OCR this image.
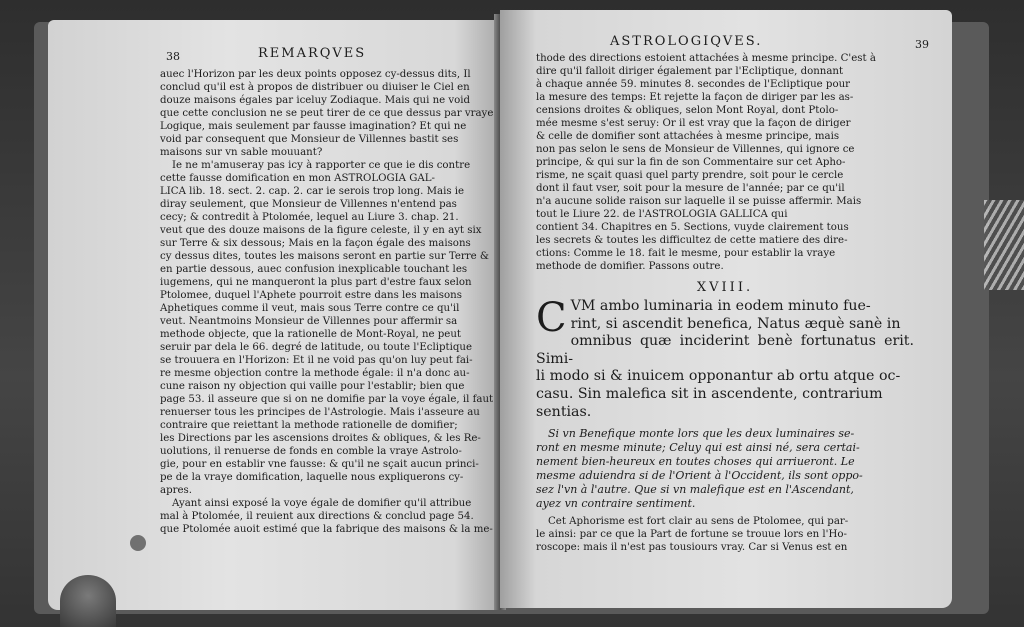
38	REMARQVES

auec l'Horizon par les deux points opposez cy-dessus dits, Il

conclud qu'il est à propos de distribuer ou diuiser le Ciel en

douze maisons égales par iceluy Zodiaque. Mais qui ne void

que cette conclusion ne se peut tirer de ce que dessus par vraye

Logique, mais seulement par fausse imagination? Et qui ne

void par consequent que Monsieur de Villennes bastit ses

maisons sur vn sable mouuant?

Ie ne m'amuseray pas icy à rapporter ce que ie dis contre

cette fausse domification en mon ASTROLOGIA GAL-

LICA lib. 18. sect. 2. cap. 2. car ie serois trop long. Mais ie

diray seulement, que Monsieur de Villennes n'entend pas

cecy; & contredit à Ptolomée, lequel au Liure 3. chap. 21.

veut que des douze maisons de la figure celeste, il y en ayt six

sur Terre & six dessous; Mais en la façon égale des maisons

cy dessus dites, toutes les maisons seront en partie sur Terre &

en partie dessous, auec confusion inexplicable touchant les

iugemens, qui ne manqueront la plus part d'estre faux selon

Ptolomee, duquel l'Aphete pourroit estre dans les maisons

Aphetiques comme il veut, mais sous Terre contre ce qu'il

veut. Neantmoins Monsieur de Villennes pour affermir sa

methode objecte, que la rationelle de Mont-Royal, ne peut

seruir par dela le 66. degré de latitude, ou toute l'Ecliptique

se trouuera en l'Horizon: Et il ne void pas qu'on luy peut fai-

re mesme objection contre la methode égale: il n'a donc au-

cune raison ny objection qui vaille pour l'establir; bien que

page 53. il asseure que si on ne domifie par la voye égale, il faut

renuerser tous les principes de l'Astrologie. Mais i'asseure au

contraire que reiettant la methode rationelle de domifier;

les Directions par les ascensions droites & obliques, & les Re-

uolutions, il renuerse de fonds en comble la vraye Astrolo-

gie, pour en establir vne fausse: & qu'il ne sçait aucun princi-

pe de la vraye domification, laquelle nous expliquerons cy-

apres.

Ayant ainsi exposé la voye égale de domifier qu'il attribue

mal à Ptolomée, il reuient aux directions & conclud page 54.

que Ptolomée auoit estimé que la fabrique des maisons & la me-

ASTROLOGIQVES.	39

thode des directions estoient attachées à mesme principe. C'est à

dire qu'il falloit diriger également par l'Ecliptique, donnant

à chaque année 59. minutes 8. secondes de l'Ecliptique pour

la mesure des temps: Et rejette la façon de diriger par les as-

censions droites & obliques, selon Mont Royal, dont Ptolo-

mée mesme s'est seruy: Or il est vray que la façon de diriger

& celle de domifier sont attachées à mesme principe, mais

non pas selon le sens de Monsieur de Villennes, qui ignore ce

principe, & qui sur la fin de son Commentaire sur cet Apho-

risme, ne sçait quasi quel party prendre, soit pour le cercle

dont il faut vser, soit pour la mesure de l'année; par ce qu'il

n'a aucune solide raison sur laquelle il se puisse affermir. Mais

tout le Liure 22. de l'ASTROLOGIA GALLICA qui

contient 34. Chapitres en 5. Sections, vuyde clairement tous

les secrets & toutes les difficultez de cette matiere des dire-

ctions: Comme le 18. fait le mesme, pour establir la vraye

methode de domifier. Passons outre.

XVIII.
C VM ambo luminaria in eodem minuto fue-

rint, si ascendit benefica, Natus æquè sanè in

omnibus quæ inciderint benè fortunatus erit. Simi-

li modo si & inuicem opponantur ab ortu atque oc-

casu. Sin malefica sit in ascendente, contrarium

sentias.

Si vn Benefique monte lors que les deux luminaires se-

ront en mesme minute; Celuy qui est ainsi né, sera certai-

nement bien-heureux en toutes choses qui arriueront. Le

mesme aduiendra si de l'Orient à l'Occident, ils sont oppo-

sez l'vn à l'autre. Que si vn malefique est en l'Ascendant,

ayez vn contraire sentiment.

Cet Aphorisme est fort clair au sens de Ptolomee, qui par-

le ainsi: par ce que la Part de fortune se trouue lors en l'Ho-

roscope: mais il n'est pas tousiours vray. Car si Venus est en
